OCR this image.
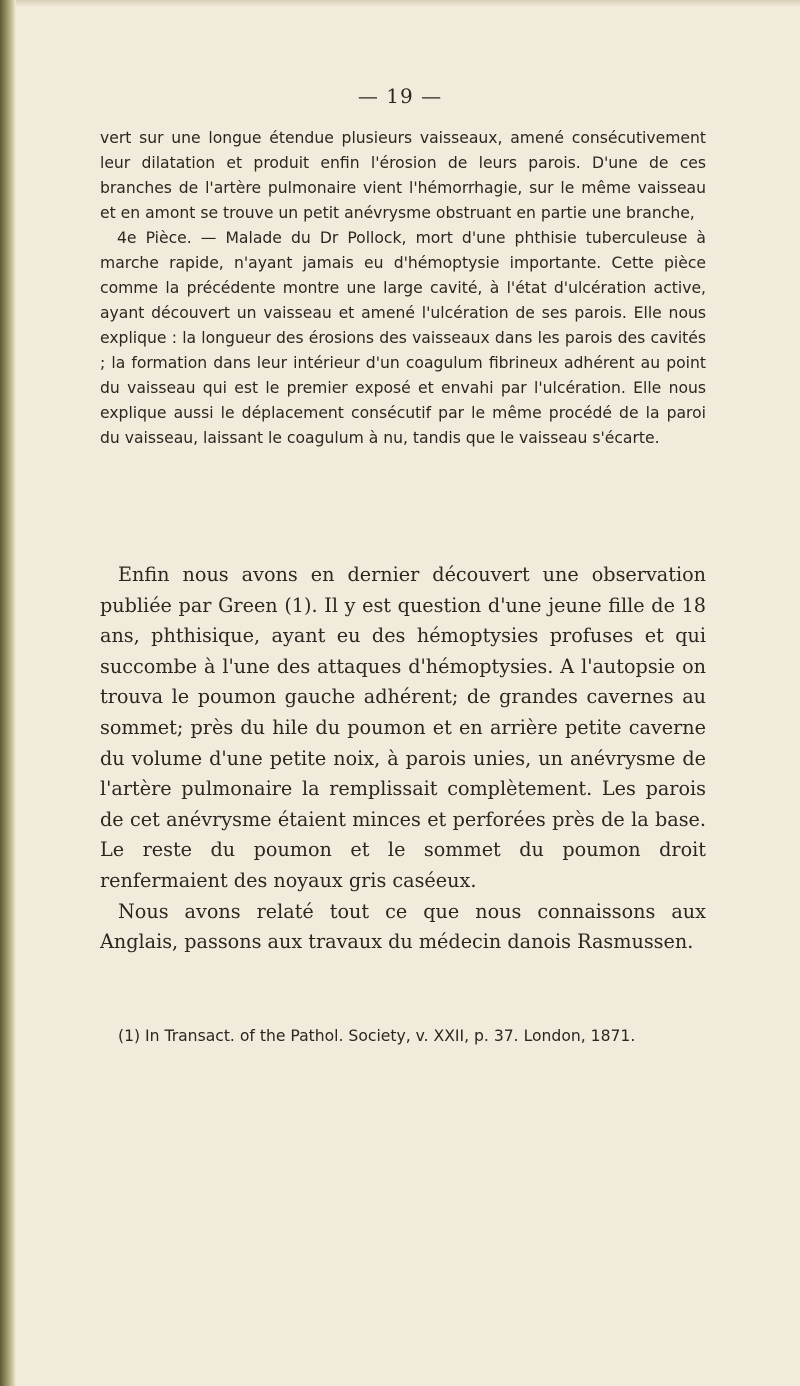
— 19 —

vert sur une longue étendue plusieurs vaisseaux, amené consécutivement leur dilatation et produit enfin l'érosion de leurs parois. D'une de ces branches de l'artère pulmonaire vient l'hémorrhagie, sur le même vaisseau et en amont se trouve un petit anévrysme obstruant en partie une branche,

4e Pièce. — Malade du Dr Pollock, mort d'une phthisie tuberculeuse à marche rapide, n'ayant jamais eu d'hémoptysie importante. Cette pièce comme la précédente montre une large cavité, à l'état d'ulcération active, ayant découvert un vaisseau et amené l'ulcération de ses parois. Elle nous explique : la longueur des érosions des vaisseaux dans les parois des cavités ; la formation dans leur intérieur d'un coagulum fibrineux adhérent au point du vaisseau qui est le premier exposé et envahi par l'ulcération. Elle nous explique aussi le déplacement consécutif par le même procédé de la paroi du vaisseau, laissant le coagulum à nu, tandis que le vaisseau s'écarte.

Enfin nous avons en dernier découvert une observation publiée par Green (1). Il y est question d'une jeune fille de 18 ans, phthisique, ayant eu des hémoptysies profuses et qui succombe à l'une des attaques d'hémoptysies. A l'autopsie on trouva le poumon gauche adhérent; de grandes cavernes au sommet; près du hile du poumon et en arrière petite caverne du volume d'une petite noix, à parois unies, un anévrysme de l'artère pulmonaire la remplissait complètement. Les parois de cet anévrysme étaient minces et perforées près de la base. Le reste du poumon et le sommet du poumon droit renfermaient des noyaux gris caséeux.

Nous avons relaté tout ce que nous connaissons aux Anglais, passons aux travaux du médecin danois Rasmussen.

(1) In Transact. of the Pathol. Society, v. XXII, p. 37. London, 1871.
